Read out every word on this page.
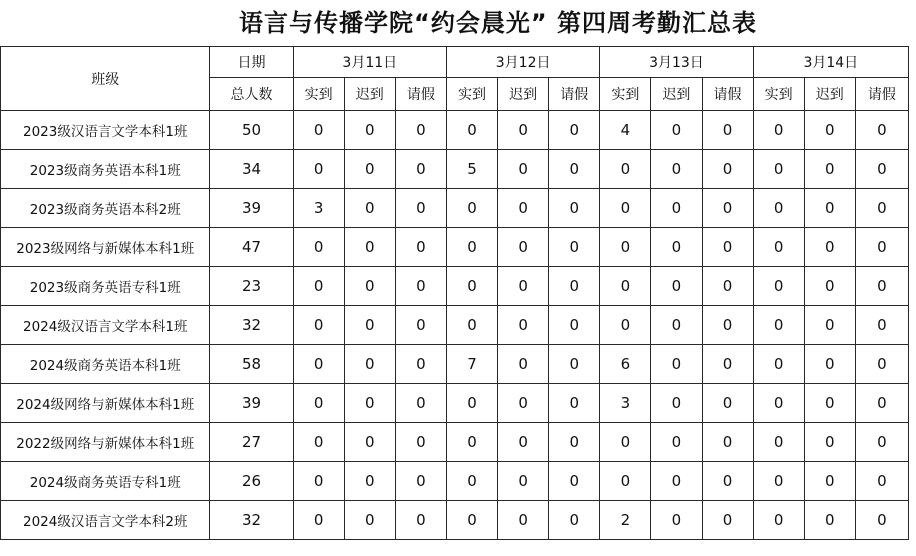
语言与传播学院“约会晨光” 第四周考勤汇总表
班级	日期	3月11日			3月12日			3月13日			3月14日		
	总人数	实到	迟到	请假	实到	迟到	请假	实到	迟到	请假	实到	迟到	请假
2023级汉语言文学本科1班	50	0	0	0	0	0	0	4	0	0	0	0	0
2023级商务英语本科1班	34	0	0	0	5	0	0	0	0	0	0	0	0
2023级商务英语本科2班	39	3	0	0	0	0	0	0	0	0	0	0	0
2023级网络与新媒体本科1班	47	0	0	0	0	0	0	0	0	0	0	0	0
2023级商务英语专科1班	23	0	0	0	0	0	0	0	0	0	0	0	0
2024级汉语言文学本科1班	32	0	0	0	0	0	0	0	0	0	0	0	0
2024级商务英语本科1班	58	0	0	0	7	0	0	6	0	0	0	0	0
2024级网络与新媒体本科1班	39	0	0	0	0	0	0	3	0	0	0	0	0
2022级网络与新媒体本科1班	27	0	0	0	0	0	0	0	0	0	0	0	0
2024级商务英语专科1班	26	0	0	0	0	0	0	0	0	0	0	0	0
2024级汉语言文学本科2班	32	0	0	0	0	0	0	2	0	0	0	0	0
